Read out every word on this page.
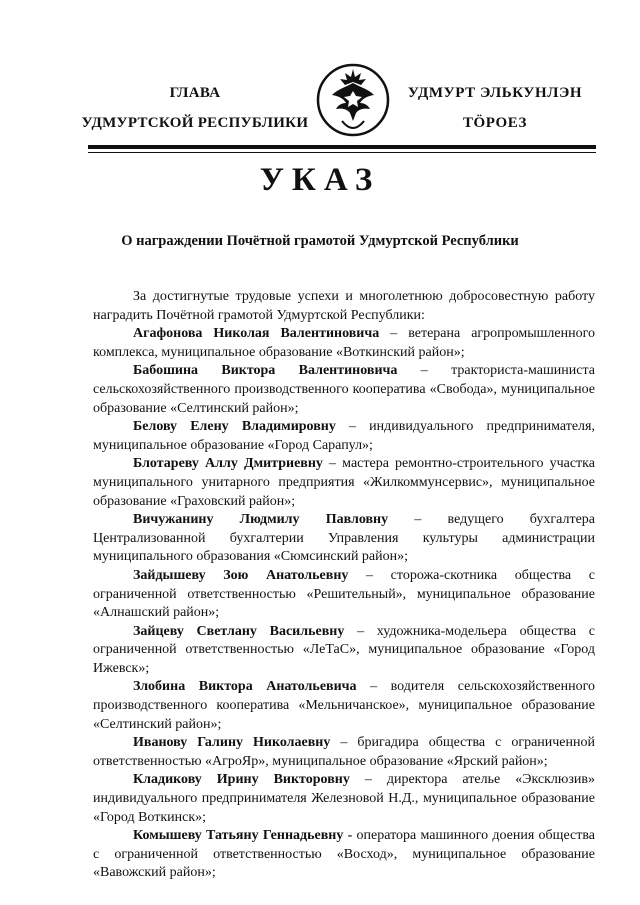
ГЛАВА
УДМУРТСКОЙ РЕСПУБЛИКИ
УДМУРТ ЭЛЬКУНЛЭН
ТӦРОЕЗ
УКАЗ
О награждении Почётной грамотой Удмуртской Республики

За достигнутые трудовые успехи и многолетнюю добросовестную работу наградить Почётной грамотой Удмуртской Республики:

Агафонова Николая Валентиновича – ветерана агропромышленного комплекса, муниципальное образование «Воткинский район»;

Бабошина Виктора Валентиновича – тракториста-машиниста сельскохозяйственного производственного кооператива «Свобода», муниципальное образование «Селтинский район»;

Белову Елену Владимировну – индивидуального предпринимателя, муниципальное образование «Город Сарапул»;

Блотареву Аллу Дмитриевну – мастера ремонтно-строительного участка муниципального унитарного предприятия «Жилкоммунсервис», муниципальное образование «Граховский район»;

Вичужанину Людмилу Павловну – ведущего бухгалтера Централизованной бухгалтерии Управления культуры администрации муниципального образования «Сюмсинский район»;

Зайдышеву Зою Анатольевну – сторожа-скотника общества с ограниченной ответственностью «Решительный», муниципальное образование «Алнашский район»;

Зайцеву Светлану Васильевну – художника-модельера общества с ограниченной ответственностью «ЛеТаС», муниципальное образование «Город Ижевск»;

Злобина Виктора Анатольевича – водителя сельскохозяйственного производственного кооператива «Мельничанское», муниципальное образование «Селтинский район»;

Иванову Галину Николаевну – бригадира общества с ограниченной ответственностью «АгроЯр», муниципальное образование «Ярский район»;

Кладикову Ирину Викторовну – директора ателье «Эксклюзив» индивидуального предпринимателя Железновой Н.Д., муниципальное образование «Город Воткинск»;

Комышеву Татьяну Геннадьевну - оператора машинного доения общества с ограниченной ответственностью «Восход», муниципальное образование «Вавожский район»;
